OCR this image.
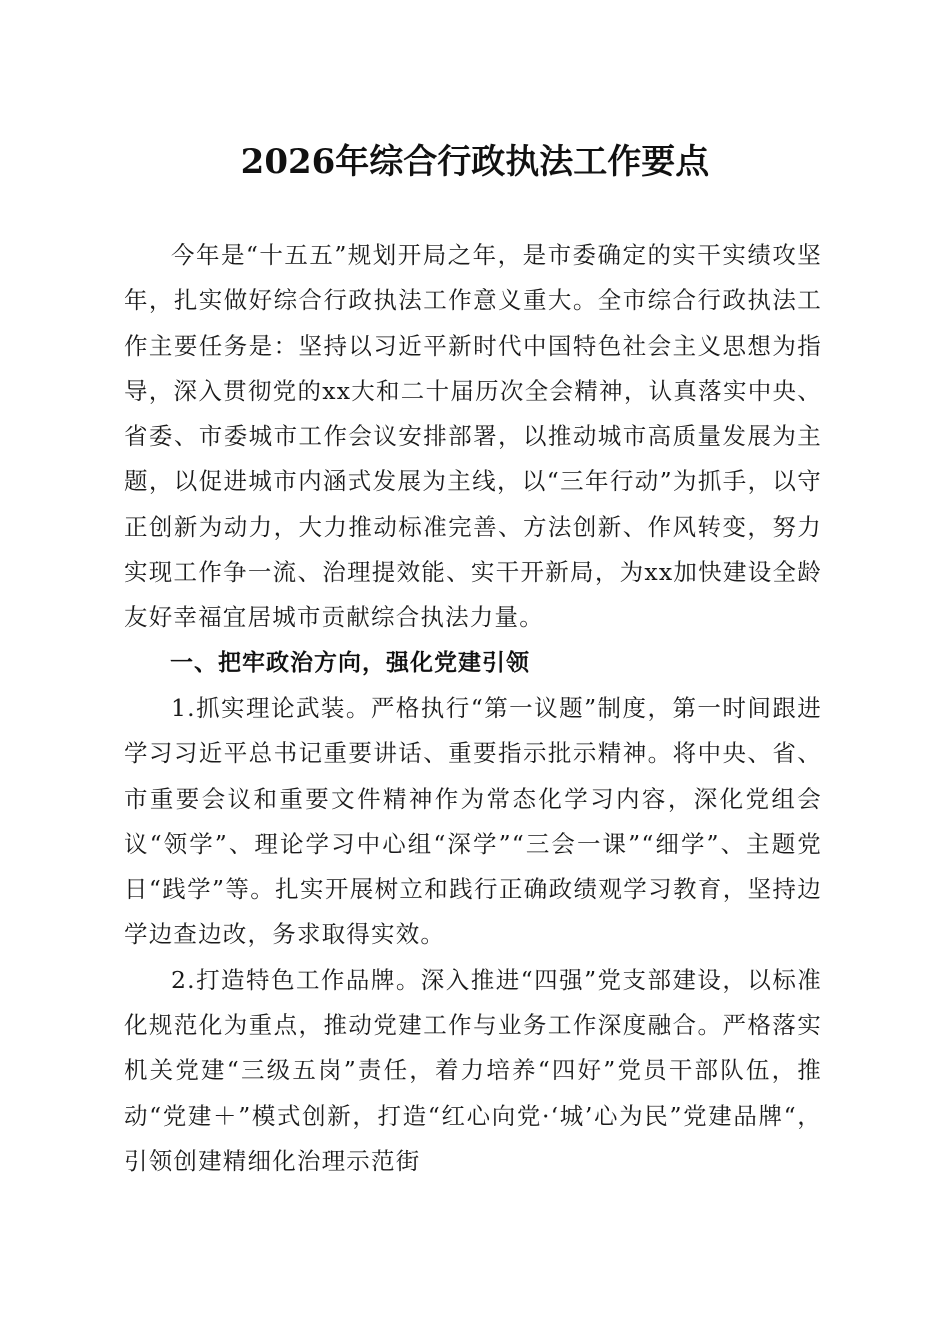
2026年综合行政执法工作要点

今年是“十五五”规划开局之年，是市委确定的实干实绩攻坚年，扎实做好综合行政执法工作意义重大。全市综合行政执法工作主要任务是：坚持以习近平新时代中国特色社会主义思想为指导，深入贯彻党的xx大和二十届历次全会精神，认真落实中央、省委、市委城市工作会议安排部署，以推动城市高质量发展为主题，以促进城市内涵式发展为主线，以“三年行动”为抓手，以守正创新为动力，大力推动标准完善、方法创新、作风转变，努力实现工作争一流、治理提效能、实干开新局，为xx加快建设全龄友好幸福宜居城市贡献综合执法力量。

一、把牢政治方向，强化党建引领

1.抓实理论武装。严格执行“第一议题”制度，第一时间跟进学习习近平总书记重要讲话、重要指示批示精神。将中央、省、市重要会议和重要文件精神作为常态化学习内容，深化党组会议“领学”、理论学习中心组“深学”“三会一课”“细学”、主题党日“践学”等。扎实开展树立和践行正确政绩观学习教育，坚持边学边查边改，务求取得实效。

2.打造特色工作品牌。深入推进“四强”党支部建设，以标准化规范化为重点，推动党建工作与业务工作深度融合。严格落实机关党建“三级五岗”责任，着力培养“四好”党员干部队伍，推动“党建＋”模式创新，打造“红心向党·‘城’心为民”党建品牌“，引领创建精细化治理示范街
